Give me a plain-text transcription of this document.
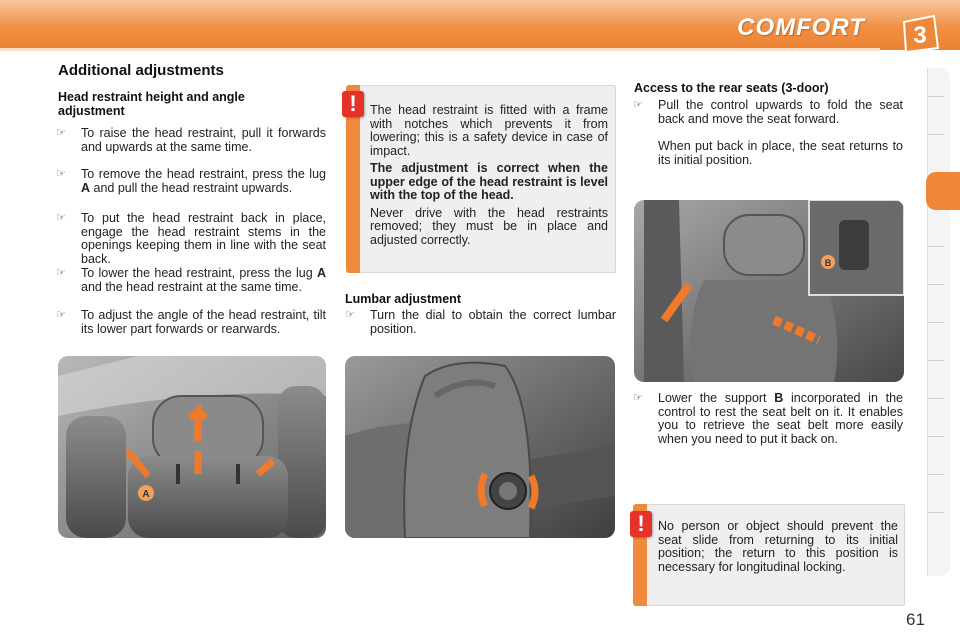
COMFORT 3
Additional adjustments
Head restraint height and angle adjustment
☞ To raise the head restraint, pull it forwards and upwards at the same time.
☞ To remove the head restraint, press the lug A and pull the head restraint upwards.
☞ To put the head restraint back in place, engage the head restraint stems in the openings keeping them in line with the seat back.
☞ To lower the head restraint, press the lug A and the head restraint at the same time.
☞ To adjust the angle of the head restraint, tilt its lower part forwards or rearwards.
A
!	The head restraint is fitted with a frame with notches which prevents it from lowering; this is a safety device in case of impact.

The adjustment is correct when the upper edge of the head restraint is level with the top of the head.

Never drive with the head restraints removed; they must be in place and adjusted correctly.

Lumbar adjustment
☞ Turn the dial to obtain the correct lumbar position.
Access to the rear seats (3-door)
☞ Pull the control upwards to fold the seat back and move the seat forward.
When put back in place, the seat returns to its initial position.
B
☞ Lower the support B incorporated in the control to rest the seat belt on it. It enables you to retrieve the seat belt more easily when you need to put it back on.
!	No person or object should prevent the seat slide from returning to its initial position; the return to this position is necessary for longitudinal locking.
61
